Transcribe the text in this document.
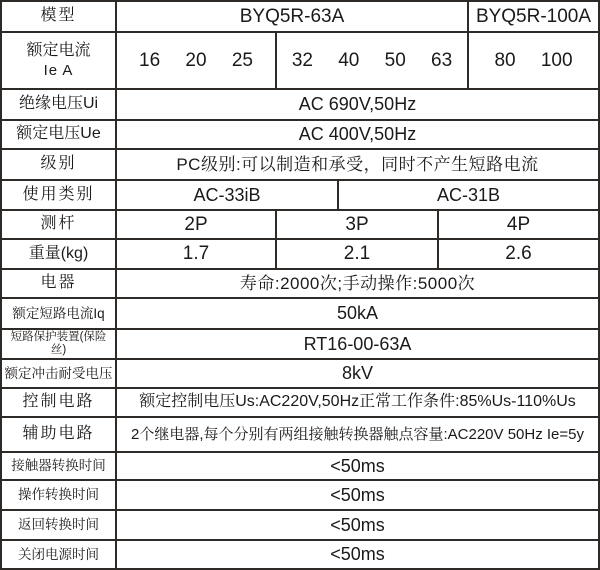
模型	BYQ5R-63A	BYQ5R-100A
额定电流
Ie A	16 20 25	32 40 50 63	80 100
绝缘电压Ui	AC 690V,50Hz
额定电压Ue	AC 400V,50Hz
级别	PC级别:可以制造和承受，同时不产生短路电流
使用类别	AC-33iB	AC-31B
测杆	2P	3P	4P
重量(kg)	1.7	2.1	2.6
电器	寿命:2000次;手动操作:5000次
额定短路电流Iq	50kA
短路保护装置(保险丝)	RT16-00-63A
额定冲击耐受电压	8kV
控制电路	额定控制电压Us:AC220V,50Hz正常工作条件:85%Us-110%Us
辅助电路	2个继电器,每个分别有两组接触转换器触点容量:AC220V 50Hz Ie=5y
接触器转换时间	<50ms
操作转换时间	<50ms
返回转换时间	<50ms
关闭电源时间	<50ms
